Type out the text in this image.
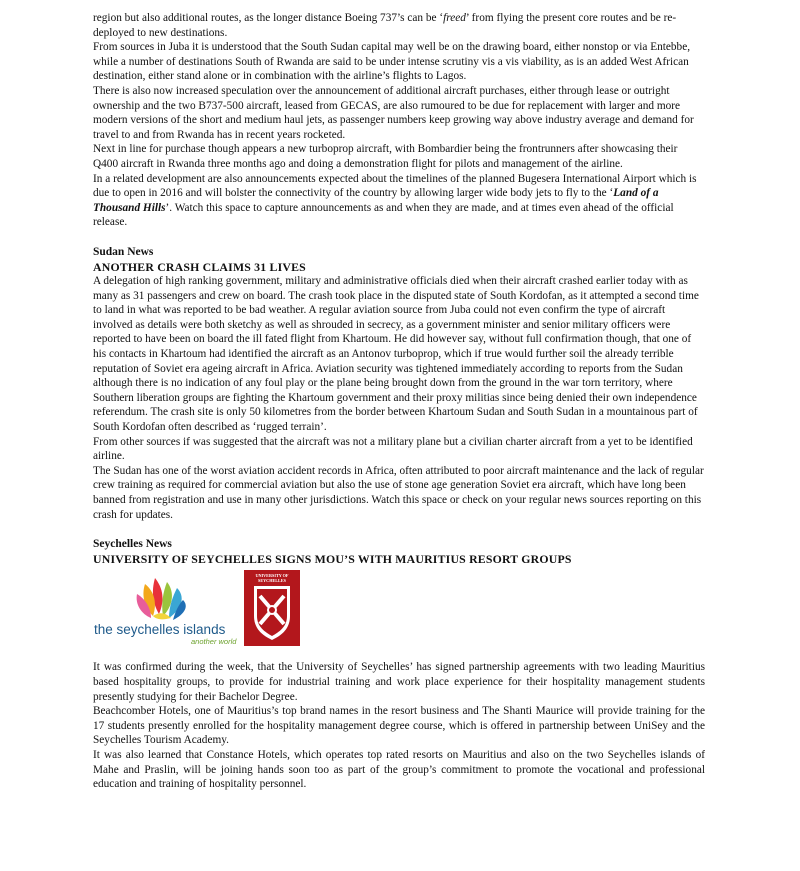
region but also additional routes, as the longer distance Boeing 737’s can be ‘freed’ from flying the present core routes and be re-deployed to new destinations.

From sources in Juba it is understood that the South Sudan capital may well be on the drawing board, either nonstop or via Entebbe, while a number of destinations South of Rwanda are said to be under intense scrutiny vis a vis viability, as is an added West African destination, either stand alone or in combination with the airline’s flights to Lagos.

There is also now increased speculation over the announcement of additional aircraft purchases, either through lease or outright ownership and the two B737-500 aircraft, leased from GECAS, are also rumoured to be due for replacement with larger and more modern versions of the short and medium haul jets, as passenger numbers keep growing way above industry average and demand for travel to and from Rwanda has in recent years rocketed.

Next in line for purchase though appears a new turboprop aircraft, with Bombardier being the frontrunners after showcasing their Q400 aircraft in Rwanda three months ago and doing a demonstration flight for pilots and management of the airline.

In a related development are also announcements expected about the timelines of the planned Bugesera International Airport which is due to open in 2016 and will bolster the connectivity of the country by allowing larger wide body jets to fly to the ‘Land of a Thousand Hills’. Watch this space to capture announcements as and when they are made, and at times even ahead of the official release.

Sudan News

ANOTHER CRASH CLAIMS 31 LIVES

A delegation of high ranking government, military and administrative officials died when their aircraft crashed earlier today with as many as 31 passengers and crew on board. The crash took place in the disputed state of South Kordofan, as it attempted a second time to land in what was reported to be bad weather. A regular aviation source from Juba could not even confirm the type of aircraft involved as details were both sketchy as well as shrouded in secrecy, as a government minister and senior military officers were reported to have been on board the ill fated flight from Khartoum. He did however say, without full confirmation though, that one of his contacts in Khartoum had identified the aircraft as an Antonov turboprop, which if true would further soil the already terrible reputation of Soviet era ageing aircraft in Africa. Aviation security was tightened immediately according to reports from the Sudan although there is no indication of any foul play or the plane being brought down from the ground in the war torn territory, where Southern liberation groups are fighting the Khartoum government and their proxy militias since being denied their own independence referendum. The crash site is only 50 kilometres from the border between Khartoum Sudan and South Sudan in a mountainous part of South Kordofan often described as ‘rugged terrain’.

From other sources if was suggested that the aircraft was not a military plane but a civilian charter aircraft from a yet to be identified airline.

The Sudan has one of the worst aviation accident records in Africa, often attributed to poor aircraft maintenance and the lack of regular crew training as required for commercial aviation but also the use of stone age generation Soviet era aircraft, which have long been banned from registration and use in many other jurisdictions. Watch this space or check on your regular news sources reporting on this crash for updates.

Seychelles News

UNIVERSITY OF SEYCHELLES SIGNS MOU’S WITH MAURITIUS RESORT GROUPS

the seychelles islands
another world
UNIVERSITY OF
SEYCHELLES

It was confirmed during the week, that the University of Seychelles’ has signed partnership agreements with two leading Mauritius based hospitality groups, to provide for industrial training and work place experience for their hospitality management students presently studying for their Bachelor Degree.

Beachcomber Hotels, one of Mauritius’s top brand names in the resort business and The Shanti Maurice will provide training for the 17 students presently enrolled for the hospitality management degree course, which is offered in partnership between UniSey and the Seychelles Tourism Academy.

It was also learned that Constance Hotels, which operates top rated resorts on Mauritius and also on the two Seychelles islands of Mahe and Praslin, will be joining hands soon too as part of the group’s commitment to promote the vocational and professional education and training of hospitality personnel.
